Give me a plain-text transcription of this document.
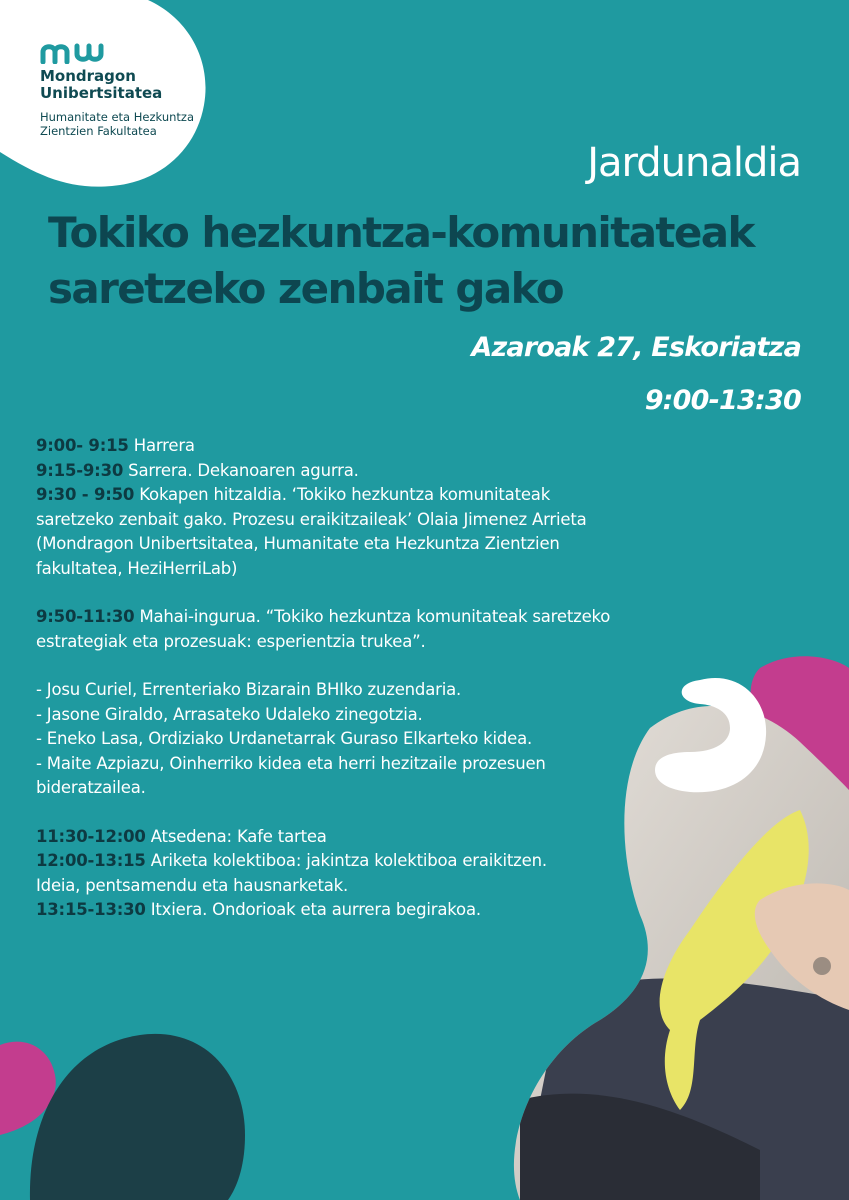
Mondragon
Unibertsitatea
Humanitate eta Hezkuntza
Zientzien Fakultatea
Jardunaldia
Tokiko hezkuntza-komunitateak
saretzeko zenbait gako
Azaroak 27, Eskoriatza
9:00-13:30
9:00- 9:15 Harrera
9:15-9:30 Sarrera. Dekanoaren agurra.
9:30 - 9:50 Kokapen hitzaldia. ‘Tokiko hezkuntza komunitateak
saretzeko zenbait gako. Prozesu eraikitzaileak’ Olaia Jimenez Arrieta
(Mondragon Unibertsitatea, Humanitate eta Hezkuntza Zientzien
fakultatea, HeziHerriLab)
9:50-11:30 Mahai-ingurua. “Tokiko hezkuntza komunitateak saretzeko
estrategiak eta prozesuak: esperientzia trukea”.
- Josu Curiel, Errenteriako Bizarain BHIko zuzendaria.
- Jasone Giraldo, Arrasateko Udaleko zinegotzia.
- Eneko Lasa, Ordiziako Urdanetarrak Guraso Elkarteko kidea.
- Maite Azpiazu, Oinherriko kidea eta herri hezitzaile prozesuen
bideratzailea.
11:30-12:00 Atsedena: Kafe tartea
12:00-13:15 Ariketa kolektiboa: jakintza kolektiboa eraikitzen.
Ideia, pentsamendu eta hausnarketak.
13:15-13:30 Itxiera. Ondorioak eta aurrera begirakoa.
